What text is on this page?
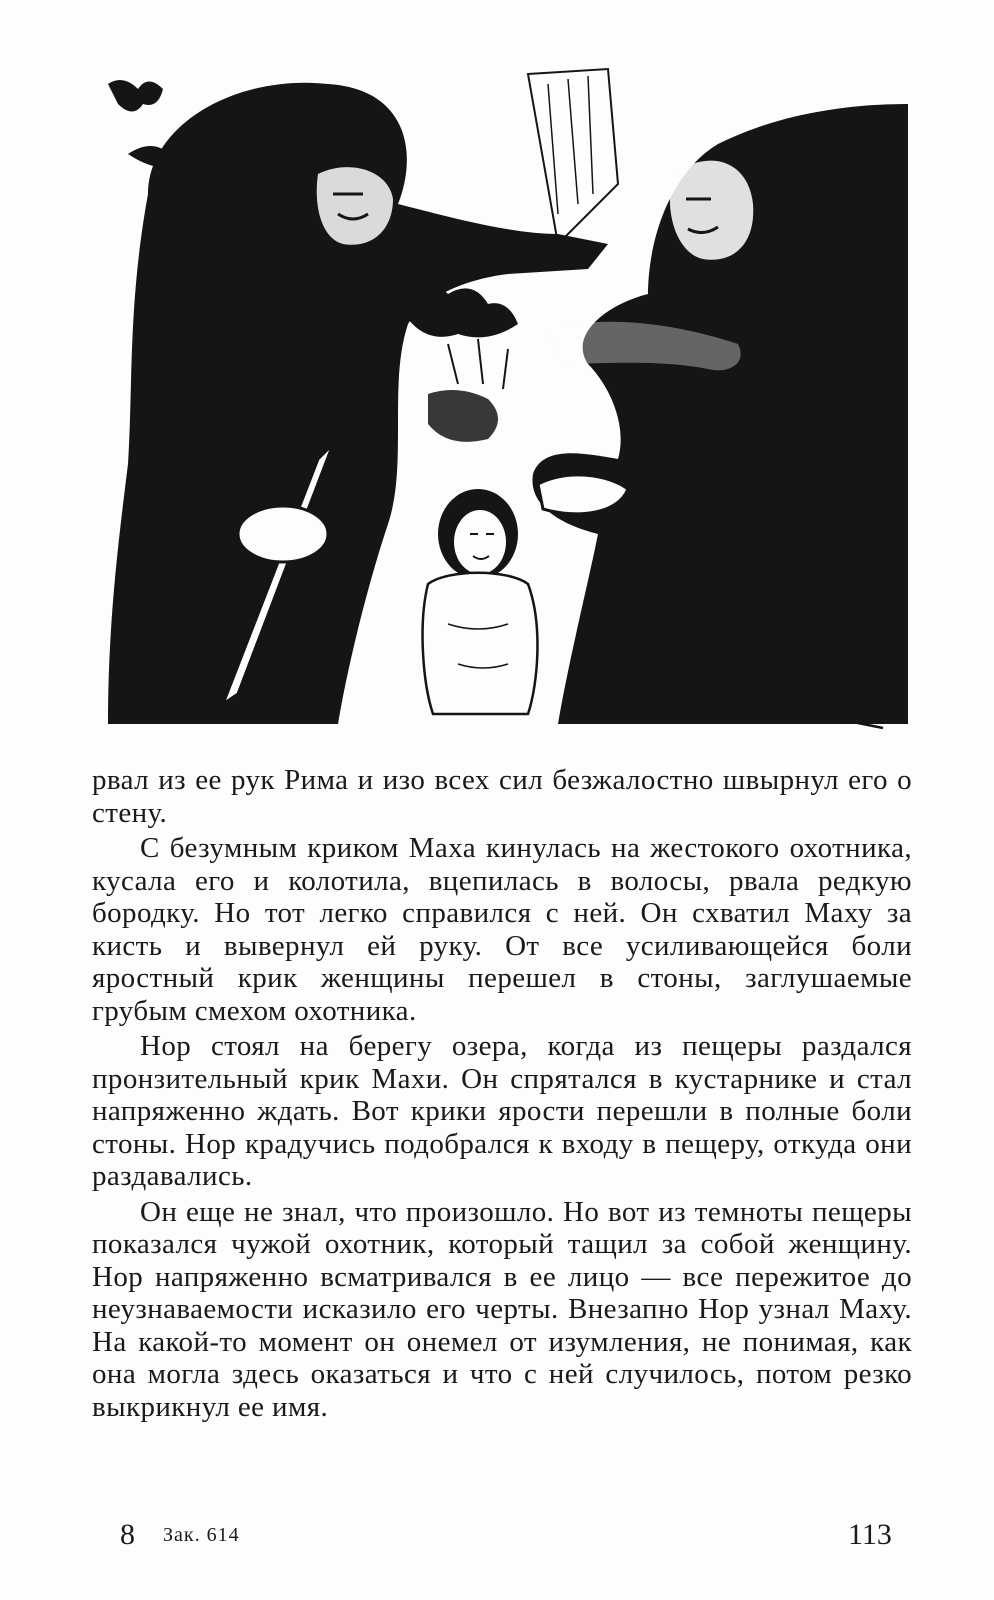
рвал из ее рук Рима и изо всех сил безжалостно швырнул его о стену.

С безумным криком Маха кинулась на жестокого охотника, кусала его и колотила, вцепилась в волосы, рвала редкую бородку. Но тот легко справился с ней. Он схватил Маху за кисть и вывернул ей руку. От все усиливающейся боли яростный крик женщины перешел в стоны, заглушаемые грубым смехом охотника.

Нор стоял на берегу озера, когда из пещеры раздался пронзительный крик Махи. Он спрятался в кустарнике и стал напряженно ждать. Вот крики ярости перешли в полные боли стоны. Нор крадучись подобрался к входу в пещеру, откуда они раздавались.

Он еще не знал, что произошло. Но вот из темноты пещеры показался чужой охотник, который тащил за собой женщину. Нор напряженно всматривался в ее лицо — все пережитое до неузнаваемости исказило его черты. Внезапно Нор узнал Маху. На какой-то момент он онемел от изумления, не понимая, как она могла здесь оказаться и что с ней случилось, потом резко выкрикнул ее имя.

8 Зак. 614	113
